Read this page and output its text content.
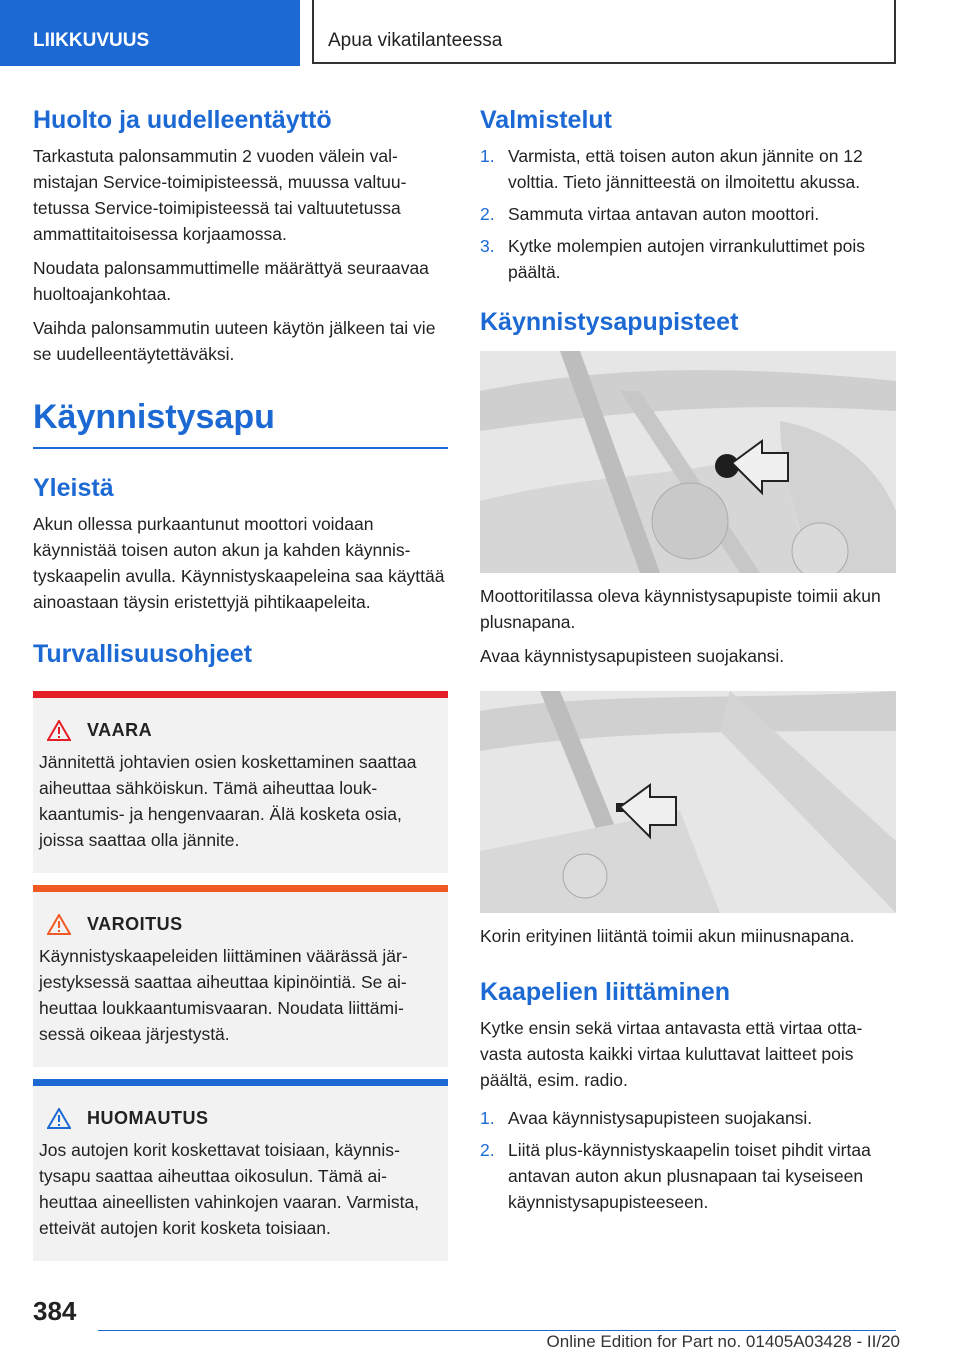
LIIKKUVUUS	Apua vikatilanteessa
Huolto ja uudelleentäyttö

Tarkastuta palonsammutin 2 vuoden välein valmistajan Service-toimipisteessä, muussa valtuutetussa Service-toimipisteessä tai valtuutetussa ammattitaitoisessa korjaamossa.

Noudata palonsammuttimelle määrättyä seuraavaa huoltoajankohtaa.

Vaihda palonsammutin uuteen käytön jälkeen tai vie se uudelleentäytettäväksi.

Käynnistysapu
Yleistä

Akun ollessa purkaantunut moottori voidaan käynnistää toisen auton akun ja kahden käynnistyskaapelin avulla. Käynnistyskaapeleina saa käyttää ainoastaan täysin eristettyjä pihtikaapeleita.

Turvallisuusohjeet
VAARA

Jännitettä johtavien osien koskettaminen saattaa aiheuttaa sähköiskun. Tämä aiheuttaa loukkaantumis- ja hengenvaaran. Älä kosketa osia, joissa saattaa olla jännite.

VAROITUS

Käynnistyskaapeleiden liittäminen väärässä järjestyksessä saattaa aiheuttaa kipinöintiä. Se aiheuttaa loukkaantumisvaaran. Noudata liittämisessä oikeaa järjestystä.

HUOMAUTUS

Jos autojen korit koskettavat toisiaan, käynnistysapu saattaa aiheuttaa oikosulun. Tämä aiheuttaa aineellisten vahinkojen vaaran. Varmista, etteivät autojen korit kosketa toisiaan.

Valmistelut
1. Varmista, että toisen auton akun jännite on 12 volttia. Tieto jännitteestä on ilmoitettu akussa.
2. Sammuta virtaa antavan auton moottori.
3. Kytke molempien autojen virrankuluttimet pois päältä.
Käynnistysapupisteet

Moottoritilassa oleva käynnistysapupiste toimii akun plusnapana.

Avaa käynnistysapupisteen suojakansi.

Korin erityinen liitäntä toimii akun miinusnapana.

Kaapelien liittäminen

Kytke ensin sekä virtaa antavasta että virtaa ottavasta autosta kaikki virtaa kuluttavat laitteet pois päältä, esim. radio.

1. Avaa käynnistysapupisteen suojakansi.
2. Liitä plus-käynnistyskaapelin toiset pihdit virtaa antavan auton akun plusnapaan tai kyseiseen käynnistysapupisteeseen.
384
Online Edition for Part no. 01405A03428 - II/20
